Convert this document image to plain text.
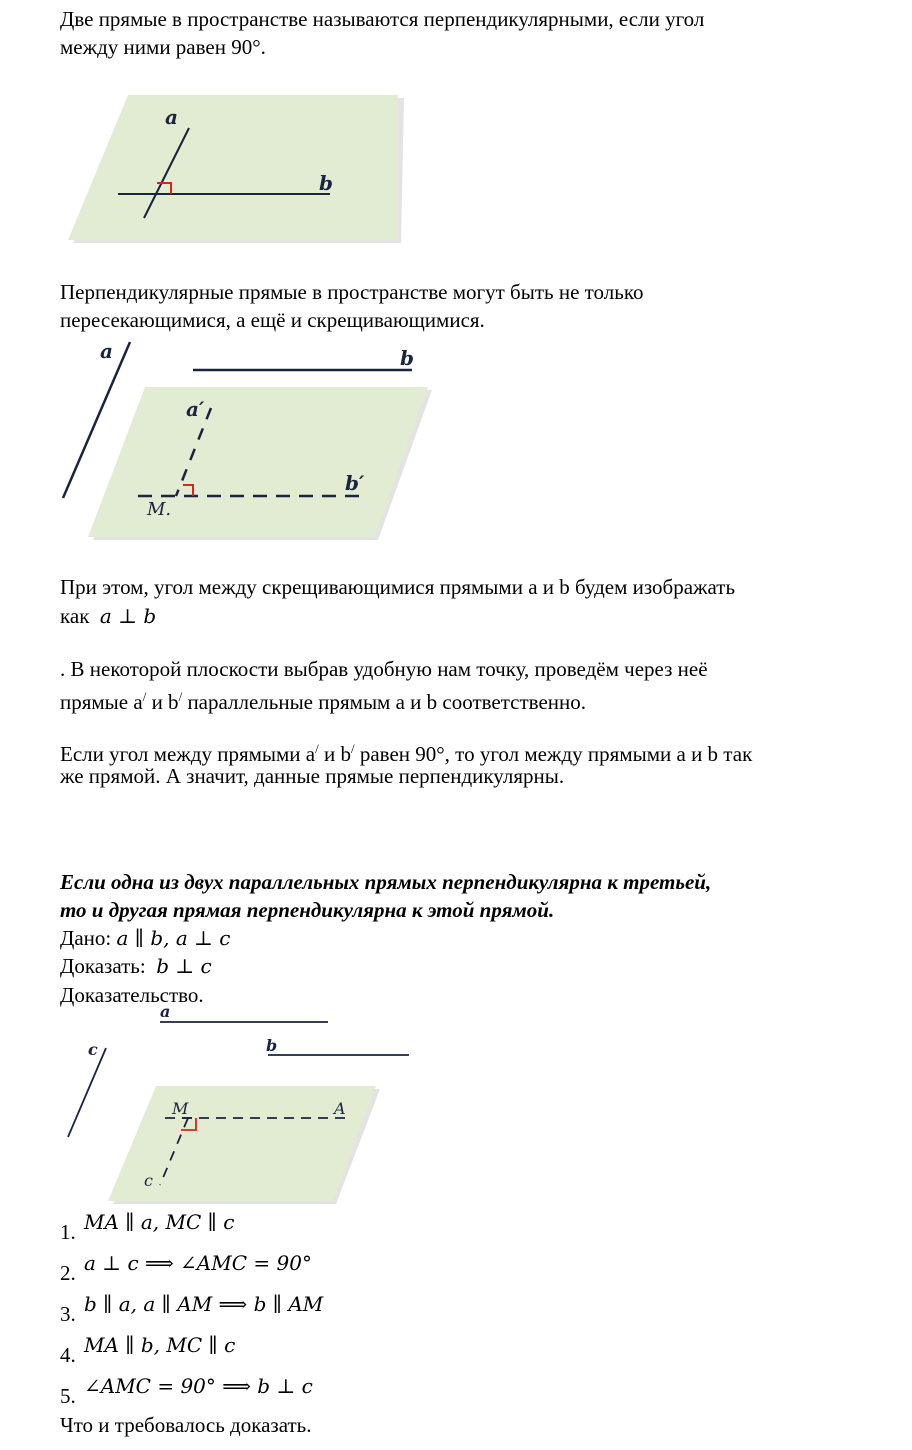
Две прямые в пространстве называются перпендикулярными, если угол

между ними равен 90°.

a
b

Перпендикулярные прямые в пространстве могут быть не только

пересекающимися, а ещё и скрещивающимися.

a	b
a′
b′
M.

При этом, угол между скрещивающимися прямыми a и b будем изображать

как a ⊥ b

. В некоторой плоскости выбрав удобную нам точку, проведём через неё

прямые a/ и b/ параллельные прямым a и b соответственно.

Если угол между прямыми a/ и b/ равен 90°, то угол между прямыми a и b так

же прямой. А значит, данные прямые перпендикулярны.

Если одна из двух параллельных прямых перпендикулярна к третьей,

то и другая прямая перпендикулярна к этой прямой.

Дано: a ∥ b, a ⊥ c

Доказать: b ⊥ c

Доказательство.

a
b
c
M	A
c
1. MA ∥ a, MC ∥ c
2. a ⊥ c ⟹ ∠AMC = 90°
3. b ∥ a, a ∥ AM ⟹ b ∥ AM
4. MA ∥ b, MC ∥ c
5. ∠AMC = 90° ⟹ b ⊥ c

Что и требовалось доказать.
